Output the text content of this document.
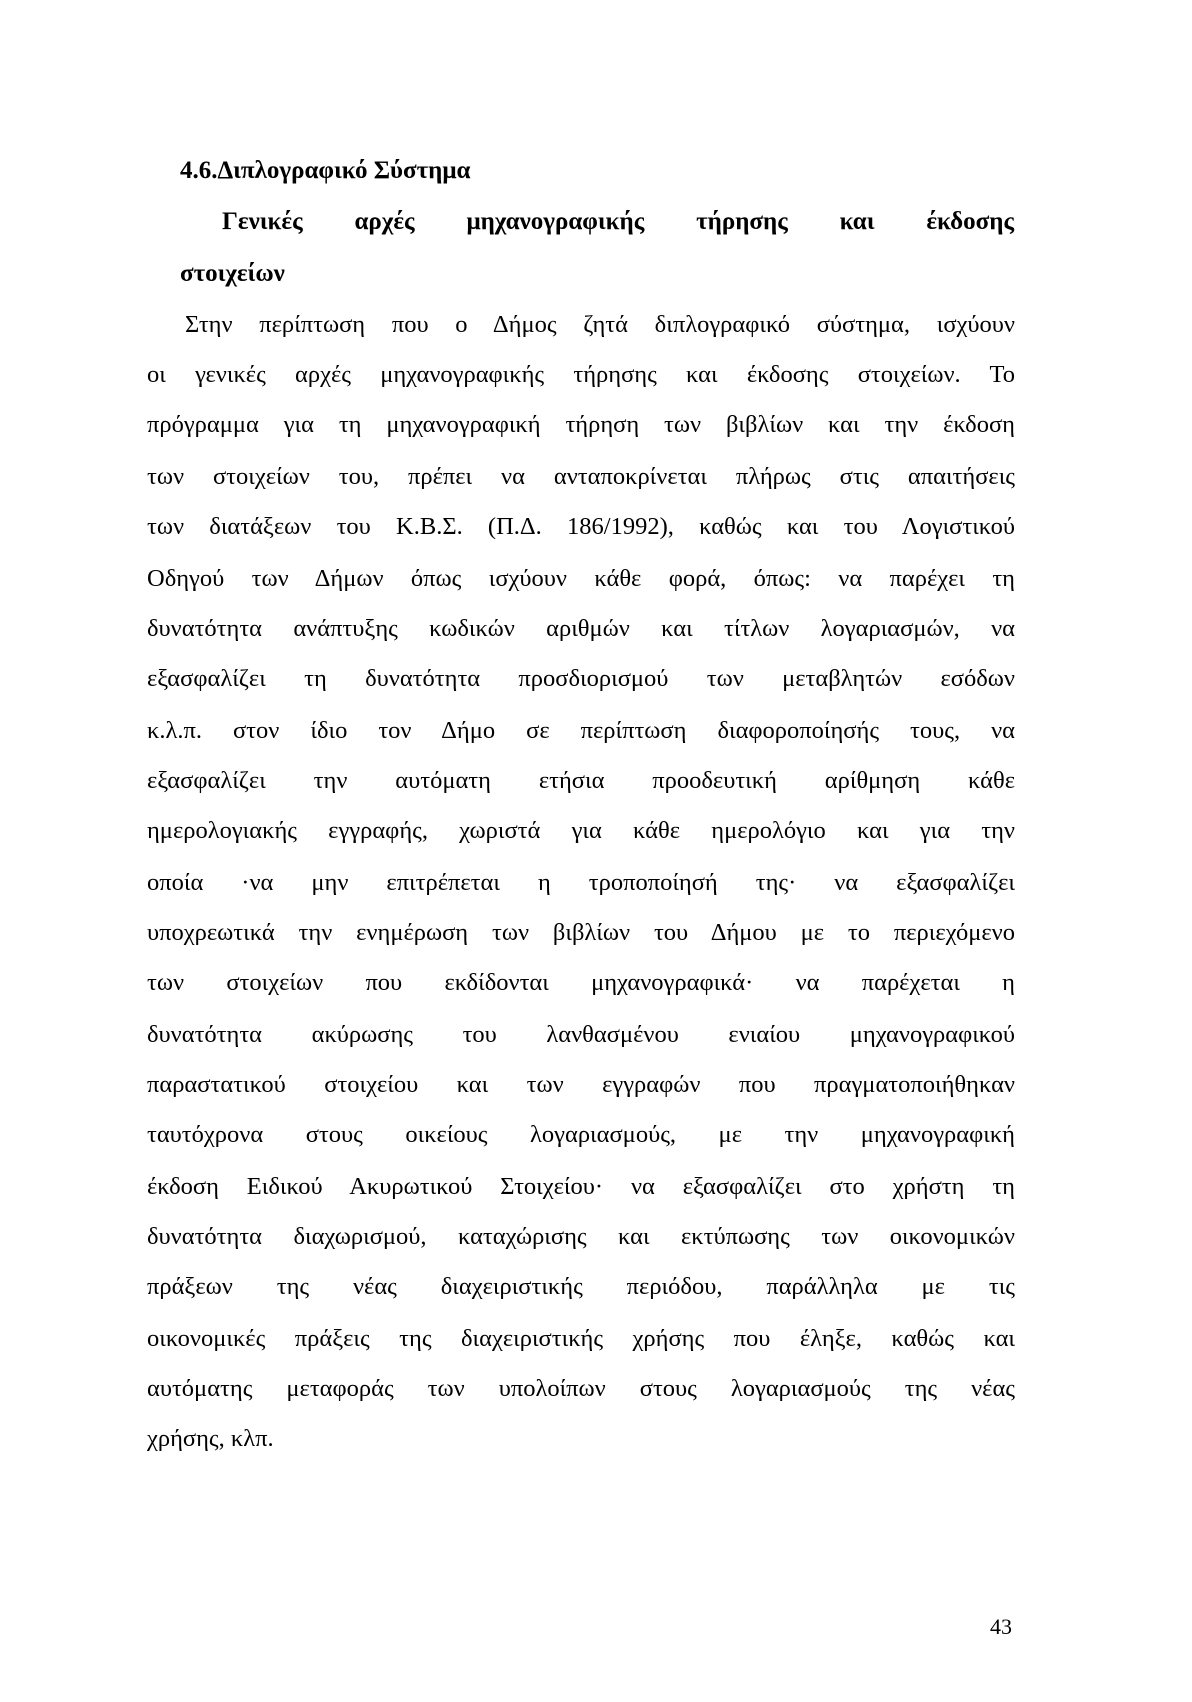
4.6.Διπλογραφικό Σύστημα
Γενικές αρχές μηχανογραφικής τήρησης και έκδοσης
στοιχείων
Στην περίπτωση που ο Δήμος ζητά διπλογραφικό σύστημα, ισχύουν
οι γενικές αρχές μηχανογραφικής τήρησης και έκδοσης στοιχείων. Το
πρόγραμμα για τη μηχανογραφική τήρηση των βιβλίων και την έκδοση
των στοιχείων του, πρέπει να ανταποκρίνεται πλήρως στις απαιτήσεις
των διατάξεων του Κ.Β.Σ. (Π.Δ. 186/1992), καθώς και του Λογιστικού
Οδηγού των Δήμων όπως ισχύουν κάθε φορά, όπως: να παρέχει τη
δυνατότητα ανάπτυξης κωδικών αριθμών και τίτλων λογαριασμών, να
εξασφαλίζει τη δυνατότητα προσδιορισμού των μεταβλητών εσόδων
κ.λ.π. στον ίδιο τον Δήμο σε περίπτωση διαφοροποίησής τους, να
εξασφαλίζει την αυτόματη ετήσια προοδευτική αρίθμηση κάθε
ημερολογιακής εγγραφής, χωριστά για κάθε ημερολόγιο και για την
οποία ·να μην επιτρέπεται η τροποποίησή της· να εξασφαλίζει
υποχρεωτικά την ενημέρωση των βιβλίων του Δήμου με το περιεχόμενο
των στοιχείων που εκδίδονται μηχανογραφικά· να παρέχεται η
δυνατότητα ακύρωσης του λανθασμένου ενιαίου μηχανογραφικού
παραστατικού στοιχείου και των εγγραφών που πραγματοποιήθηκαν
ταυτόχρονα στους οικείους λογαριασμούς, με την μηχανογραφική
έκδοση Ειδικού Ακυρωτικού Στοιχείου· να εξασφαλίζει στο χρήστη τη
δυνατότητα διαχωρισμού, καταχώρισης και εκτύπωσης των οικονομικών
πράξεων της νέας διαχειριστικής περιόδου, παράλληλα με τις
οικονομικές πράξεις της διαχειριστικής χρήσης που έληξε, καθώς και
αυτόματης μεταφοράς των υπολοίπων στους λογαριασμούς της νέας
χρήσης, κλπ.
43
